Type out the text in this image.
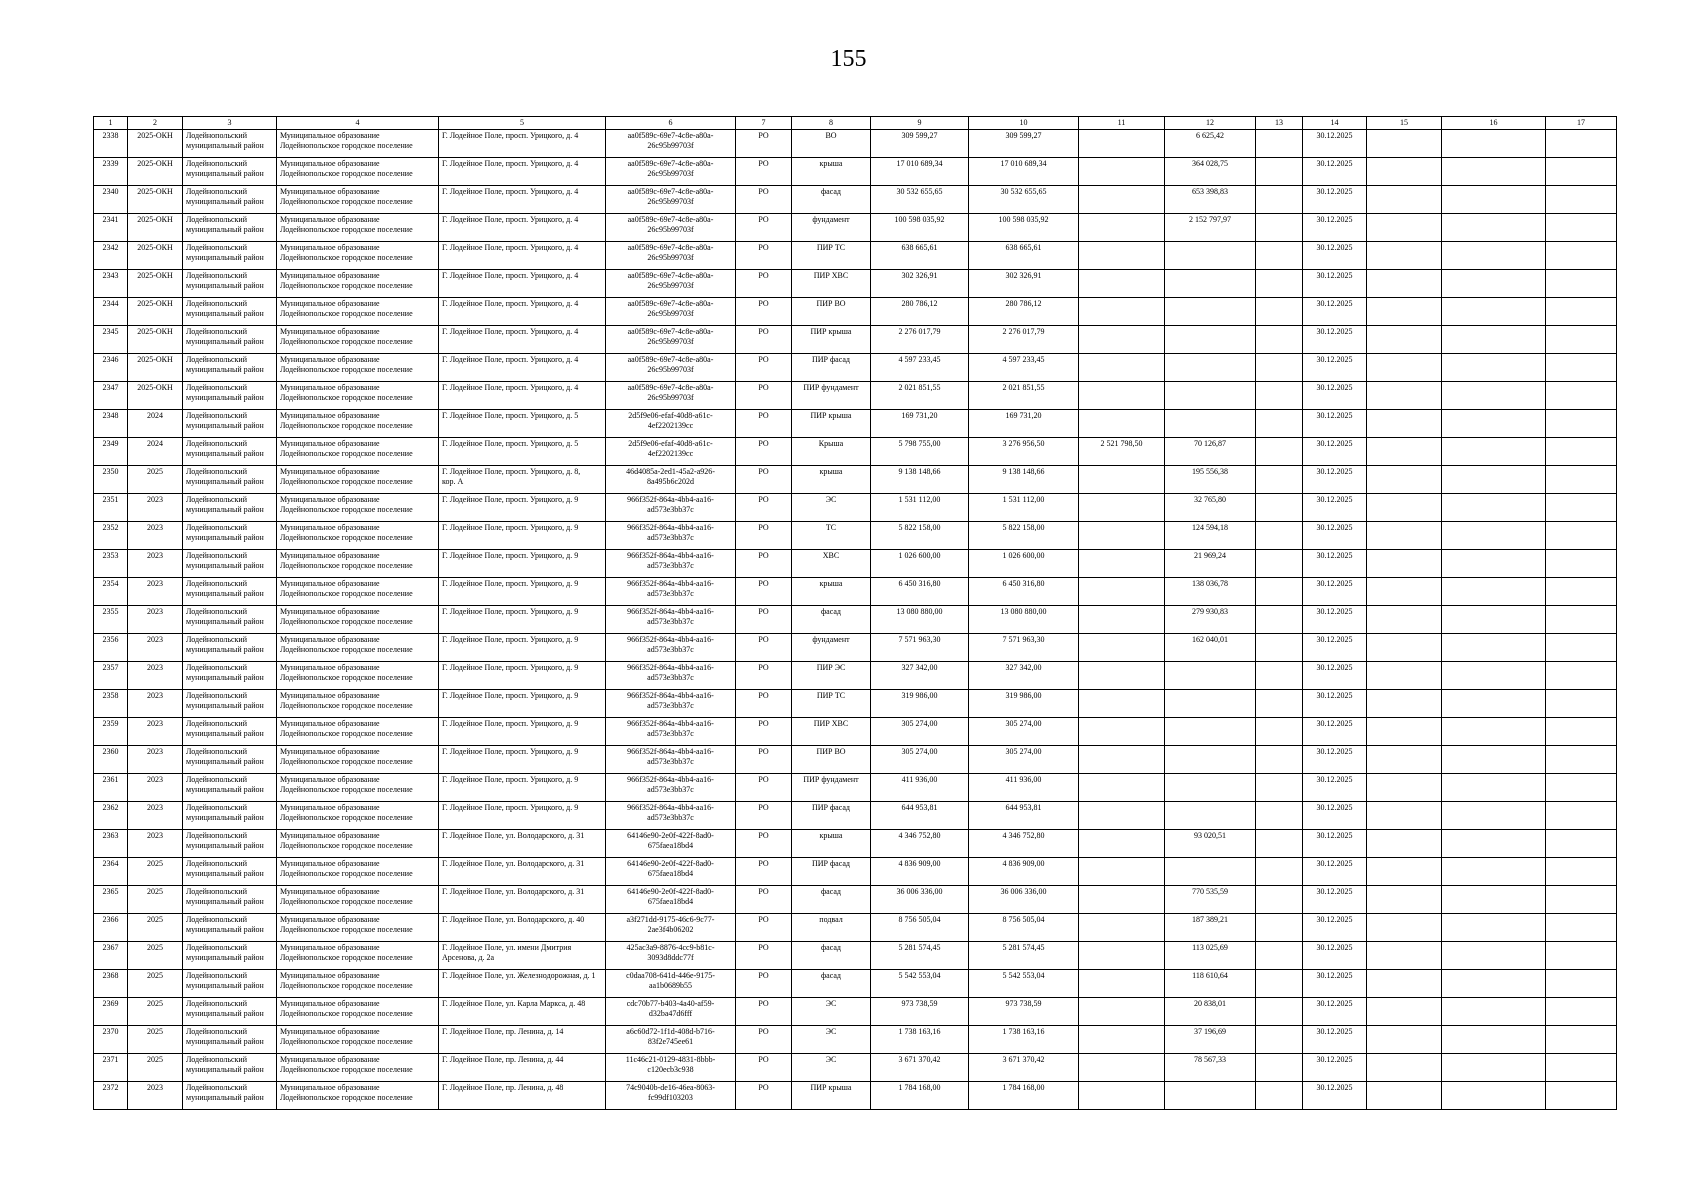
155
1	2	3	4	5	6	7	8	9	10	11	12	13	14	15	16	17
2338	2025-ОКН	Лодейнопольский
муниципальный район	Муниципальное образование
Лодейнопольское городское поселение	Г. Лодейное Поле, просп. Урицкого, д. 4	aa0f589c-69e7-4c8e-a80a-
26c95b99703f	РО	ВО	309 599,27	309 599,27		6 625,42		30.12.2025			
2339	2025-ОКН	Лодейнопольский
муниципальный район	Муниципальное образование
Лодейнопольское городское поселение	Г. Лодейное Поле, просп. Урицкого, д. 4	aa0f589c-69e7-4c8e-a80a-
26c95b99703f	РО	крыша	17 010 689,34	17 010 689,34		364 028,75		30.12.2025			
2340	2025-ОКН	Лодейнопольский
муниципальный район	Муниципальное образование
Лодейнопольское городское поселение	Г. Лодейное Поле, просп. Урицкого, д. 4	aa0f589c-69e7-4c8e-a80a-
26c95b99703f	РО	фасад	30 532 655,65	30 532 655,65		653 398,83		30.12.2025			
2341	2025-ОКН	Лодейнопольский
муниципальный район	Муниципальное образование
Лодейнопольское городское поселение	Г. Лодейное Поле, просп. Урицкого, д. 4	aa0f589c-69e7-4c8e-a80a-
26c95b99703f	РО	фундамент	100 598 035,92	100 598 035,92		2 152 797,97		30.12.2025			
2342	2025-ОКН	Лодейнопольский
муниципальный район	Муниципальное образование
Лодейнопольское городское поселение	Г. Лодейное Поле, просп. Урицкого, д. 4	aa0f589c-69e7-4c8e-a80a-
26c95b99703f	РО	ПИР ТС	638 665,61	638 665,61				30.12.2025			
2343	2025-ОКН	Лодейнопольский
муниципальный район	Муниципальное образование
Лодейнопольское городское поселение	Г. Лодейное Поле, просп. Урицкого, д. 4	aa0f589c-69e7-4c8e-a80a-
26c95b99703f	РО	ПИР ХВС	302 326,91	302 326,91				30.12.2025			
2344	2025-ОКН	Лодейнопольский
муниципальный район	Муниципальное образование
Лодейнопольское городское поселение	Г. Лодейное Поле, просп. Урицкого, д. 4	aa0f589c-69e7-4c8e-a80a-
26c95b99703f	РО	ПИР ВО	280 786,12	280 786,12				30.12.2025			
2345	2025-ОКН	Лодейнопольский
муниципальный район	Муниципальное образование
Лодейнопольское городское поселение	Г. Лодейное Поле, просп. Урицкого, д. 4	aa0f589c-69e7-4c8e-a80a-
26c95b99703f	РО	ПИР крыша	2 276 017,79	2 276 017,79				30.12.2025			
2346	2025-ОКН	Лодейнопольский
муниципальный район	Муниципальное образование
Лодейнопольское городское поселение	Г. Лодейное Поле, просп. Урицкого, д. 4	aa0f589c-69e7-4c8e-a80a-
26c95b99703f	РО	ПИР фасад	4 597 233,45	4 597 233,45				30.12.2025			
2347	2025-ОКН	Лодейнопольский
муниципальный район	Муниципальное образование
Лодейнопольское городское поселение	Г. Лодейное Поле, просп. Урицкого, д. 4	aa0f589c-69e7-4c8e-a80a-
26c95b99703f	РО	ПИР фундамент	2 021 851,55	2 021 851,55				30.12.2025			
2348	2024	Лодейнопольский
муниципальный район	Муниципальное образование
Лодейнопольское городское поселение	Г. Лодейное Поле, просп. Урицкого, д. 5	2d5f9e06-efaf-40d8-a61c-
4ef2202139cc	РО	ПИР крыша	169 731,20	169 731,20				30.12.2025			
2349	2024	Лодейнопольский
муниципальный район	Муниципальное образование
Лодейнопольское городское поселение	Г. Лодейное Поле, просп. Урицкого, д. 5	2d5f9e06-efaf-40d8-a61c-
4ef2202139cc	РО	Крыша	5 798 755,00	3 276 956,50	2 521 798,50	70 126,87		30.12.2025			
2350	2025	Лодейнопольский
муниципальный район	Муниципальное образование
Лодейнопольское городское поселение	Г. Лодейное Поле, просп. Урицкого, д. 8,
кор. А	46d4085a-2ed1-45a2-a926-
8a495b6c202d	РО	крыша	9 138 148,66	9 138 148,66		195 556,38		30.12.2025			
2351	2023	Лодейнопольский
муниципальный район	Муниципальное образование
Лодейнопольское городское поселение	Г. Лодейное Поле, просп. Урицкого, д. 9	966f352f-864a-4bb4-aa16-
ad573e3bb37c	РО	ЭС	1 531 112,00	1 531 112,00		32 765,80		30.12.2025			
2352	2023	Лодейнопольский
муниципальный район	Муниципальное образование
Лодейнопольское городское поселение	Г. Лодейное Поле, просп. Урицкого, д. 9	966f352f-864a-4bb4-aa16-
ad573e3bb37c	РО	ТС	5 822 158,00	5 822 158,00		124 594,18		30.12.2025			
2353	2023	Лодейнопольский
муниципальный район	Муниципальное образование
Лодейнопольское городское поселение	Г. Лодейное Поле, просп. Урицкого, д. 9	966f352f-864a-4bb4-aa16-
ad573e3bb37c	РО	ХВС	1 026 600,00	1 026 600,00		21 969,24		30.12.2025			
2354	2023	Лодейнопольский
муниципальный район	Муниципальное образование
Лодейнопольское городское поселение	Г. Лодейное Поле, просп. Урицкого, д. 9	966f352f-864a-4bb4-aa16-
ad573e3bb37c	РО	крыша	6 450 316,80	6 450 316,80		138 036,78		30.12.2025			
2355	2023	Лодейнопольский
муниципальный район	Муниципальное образование
Лодейнопольское городское поселение	Г. Лодейное Поле, просп. Урицкого, д. 9	966f352f-864a-4bb4-aa16-
ad573e3bb37c	РО	фасад	13 080 880,00	13 080 880,00		279 930,83		30.12.2025			
2356	2023	Лодейнопольский
муниципальный район	Муниципальное образование
Лодейнопольское городское поселение	Г. Лодейное Поле, просп. Урицкого, д. 9	966f352f-864a-4bb4-aa16-
ad573e3bb37c	РО	фундамент	7 571 963,30	7 571 963,30		162 040,01		30.12.2025			
2357	2023	Лодейнопольский
муниципальный район	Муниципальное образование
Лодейнопольское городское поселение	Г. Лодейное Поле, просп. Урицкого, д. 9	966f352f-864a-4bb4-aa16-
ad573e3bb37c	РО	ПИР ЭС	327 342,00	327 342,00				30.12.2025			
2358	2023	Лодейнопольский
муниципальный район	Муниципальное образование
Лодейнопольское городское поселение	Г. Лодейное Поле, просп. Урицкого, д. 9	966f352f-864a-4bb4-aa16-
ad573e3bb37c	РО	ПИР ТС	319 986,00	319 986,00				30.12.2025			
2359	2023	Лодейнопольский
муниципальный район	Муниципальное образование
Лодейнопольское городское поселение	Г. Лодейное Поле, просп. Урицкого, д. 9	966f352f-864a-4bb4-aa16-
ad573e3bb37c	РО	ПИР ХВС	305 274,00	305 274,00				30.12.2025			
2360	2023	Лодейнопольский
муниципальный район	Муниципальное образование
Лодейнопольское городское поселение	Г. Лодейное Поле, просп. Урицкого, д. 9	966f352f-864a-4bb4-aa16-
ad573e3bb37c	РО	ПИР ВО	305 274,00	305 274,00				30.12.2025			
2361	2023	Лодейнопольский
муниципальный район	Муниципальное образование
Лодейнопольское городское поселение	Г. Лодейное Поле, просп. Урицкого, д. 9	966f352f-864a-4bb4-aa16-
ad573e3bb37c	РО	ПИР фундамент	411 936,00	411 936,00				30.12.2025			
2362	2023	Лодейнопольский
муниципальный район	Муниципальное образование
Лодейнопольское городское поселение	Г. Лодейное Поле, просп. Урицкого, д. 9	966f352f-864a-4bb4-aa16-
ad573e3bb37c	РО	ПИР фасад	644 953,81	644 953,81				30.12.2025			
2363	2023	Лодейнопольский
муниципальный район	Муниципальное образование
Лодейнопольское городское поселение	Г. Лодейное Поле, ул. Володарского, д. 31	64146e90-2e0f-422f-8ad0-
675faea18bd4	РО	крыша	4 346 752,80	4 346 752,80		93 020,51		30.12.2025			
2364	2025	Лодейнопольский
муниципальный район	Муниципальное образование
Лодейнопольское городское поселение	Г. Лодейное Поле, ул. Володарского, д. 31	64146e90-2e0f-422f-8ad0-
675faea18bd4	РО	ПИР фасад	4 836 909,00	4 836 909,00				30.12.2025			
2365	2025	Лодейнопольский
муниципальный район	Муниципальное образование
Лодейнопольское городское поселение	Г. Лодейное Поле, ул. Володарского, д. 31	64146e90-2e0f-422f-8ad0-
675faea18bd4	РО	фасад	36 006 336,00	36 006 336,00		770 535,59		30.12.2025			
2366	2025	Лодейнопольский
муниципальный район	Муниципальное образование
Лодейнопольское городское поселение	Г. Лодейное Поле, ул. Володарского, д. 40	a3f271dd-9175-46c6-9c77-
2ae3f4b06202	РО	подвал	8 756 505,04	8 756 505,04		187 389,21		30.12.2025			
2367	2025	Лодейнопольский
муниципальный район	Муниципальное образование
Лодейнопольское городское поселение	Г. Лодейное Поле, ул. имени Дмитрия
Арсенова, д. 2а	425ac3a9-8876-4cc9-b81c-
3093d8ddc77f	РО	фасад	5 281 574,45	5 281 574,45		113 025,69		30.12.2025			
2368	2025	Лодейнопольский
муниципальный район	Муниципальное образование
Лодейнопольское городское поселение	Г. Лодейное Поле, ул. Железнодорожная, д. 1	c0daa708-641d-446e-9175-
aa1b0689b55	РО	фасад	5 542 553,04	5 542 553,04		118 610,64		30.12.2025			
2369	2025	Лодейнопольский
муниципальный район	Муниципальное образование
Лодейнопольское городское поселение	Г. Лодейное Поле, ул. Карла Маркса, д. 48	cdc70b77-b403-4a40-af59-
d32ba47d6fff	РО	ЭС	973 738,59	973 738,59		20 838,01		30.12.2025			
2370	2025	Лодейнопольский
муниципальный район	Муниципальное образование
Лодейнопольское городское поселение	Г. Лодейное Поле, пр. Ленина, д. 14	a6c60d72-1f1d-408d-b716-
83f2e745ee61	РО	ЭС	1 738 163,16	1 738 163,16		37 196,69		30.12.2025			
2371	2025	Лодейнопольский
муниципальный район	Муниципальное образование
Лодейнопольское городское поселение	Г. Лодейное Поле, пр. Ленина, д. 44	11c46c21-0129-4831-8bbb-
c120ecb3c938	РО	ЭС	3 671 370,42	3 671 370,42		78 567,33		30.12.2025			
2372	2023	Лодейнопольский
муниципальный район	Муниципальное образование
Лодейнопольское городское поселение	Г. Лодейное Поле, пр. Ленина, д. 48	74c9040b-de16-46ea-8063-
fc99df103203	РО	ПИР крыша	1 784 168,00	1 784 168,00				30.12.2025			
